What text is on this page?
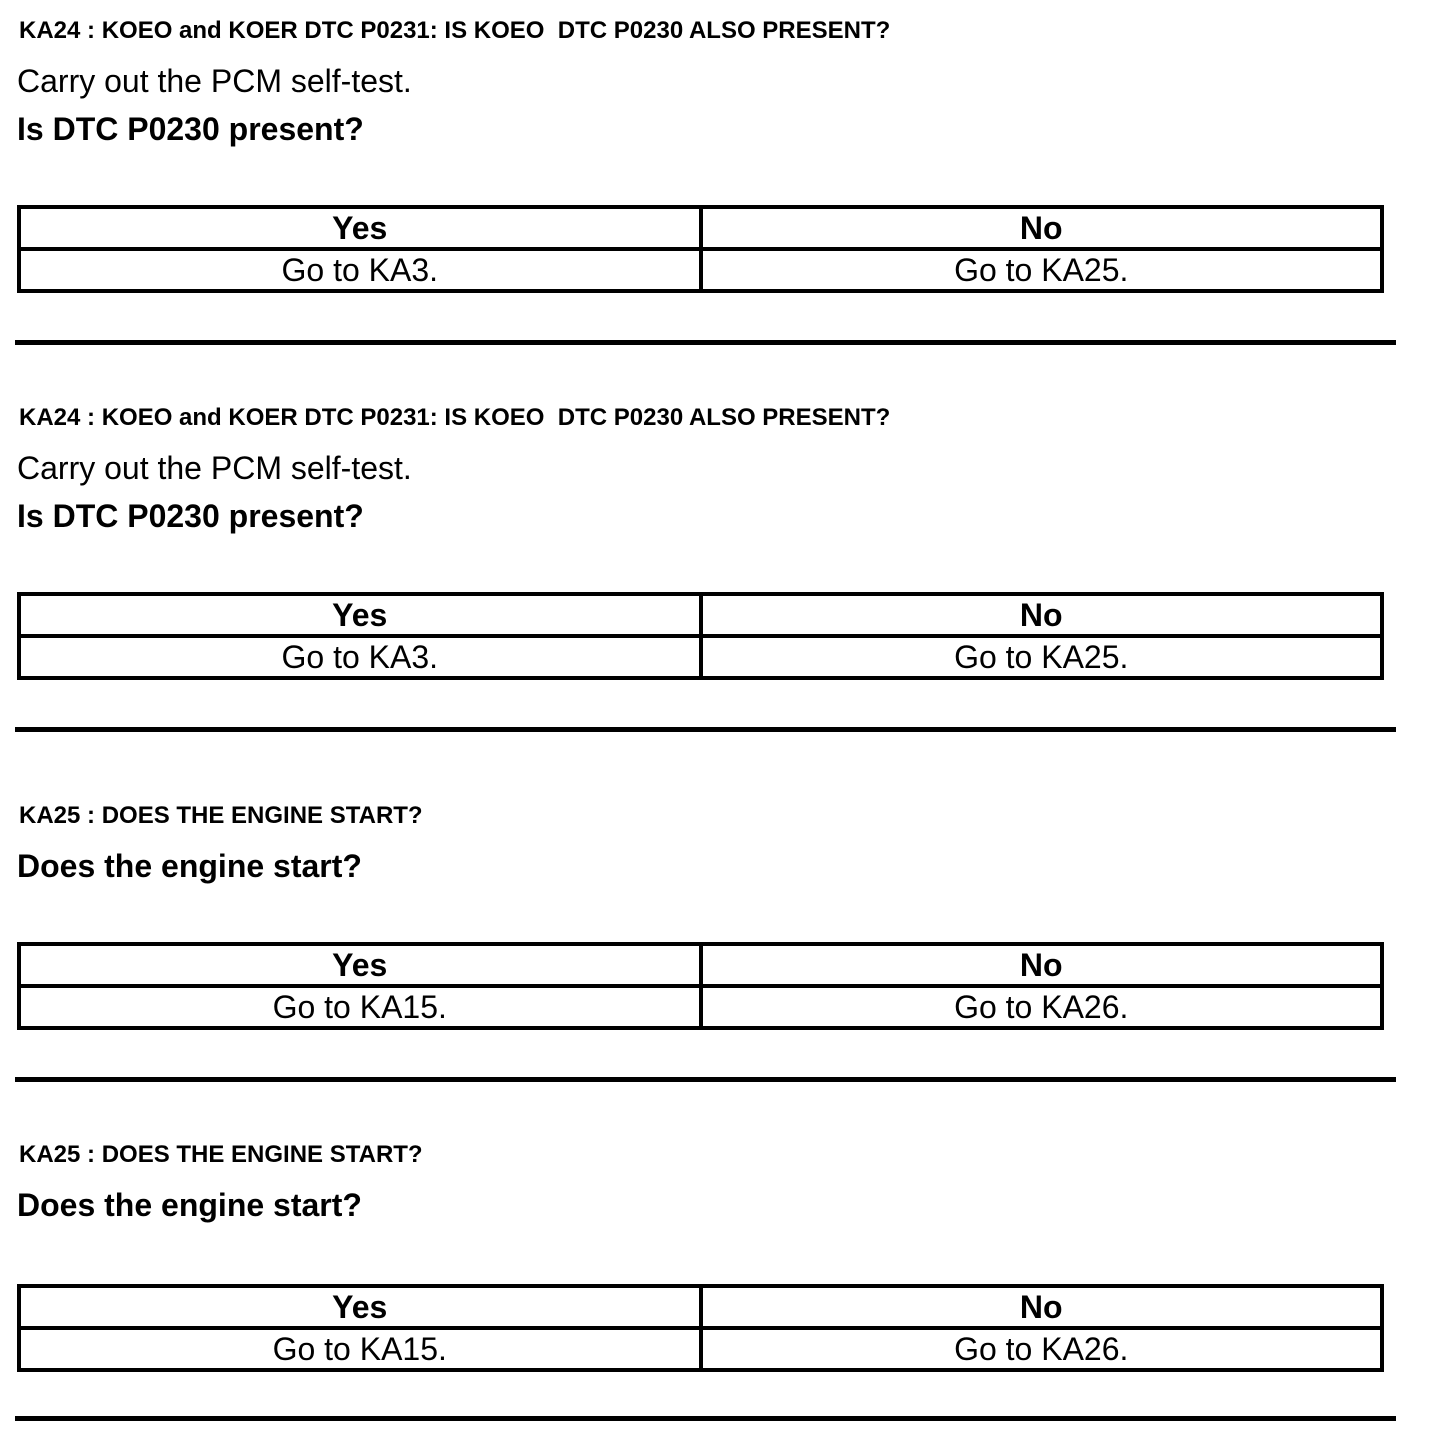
KA24 : KOEO and KOER DTC P0231: IS KOEO  DTC P0230 ALSO PRESENT?

Carry out the PCM self-test.

Is DTC P0230 present?

Yes	No
Go to KA3.	Go to KA25.

KA24 : KOEO and KOER DTC P0231: IS KOEO  DTC P0230 ALSO PRESENT?

Carry out the PCM self-test.

Is DTC P0230 present?

Yes	No
Go to KA3.	Go to KA25.

KA25 : DOES THE ENGINE START?

Does the engine start?

Yes	No
Go to KA15.	Go to KA26.

KA25 : DOES THE ENGINE START?

Does the engine start?

Yes	No
Go to KA15.	Go to KA26.
